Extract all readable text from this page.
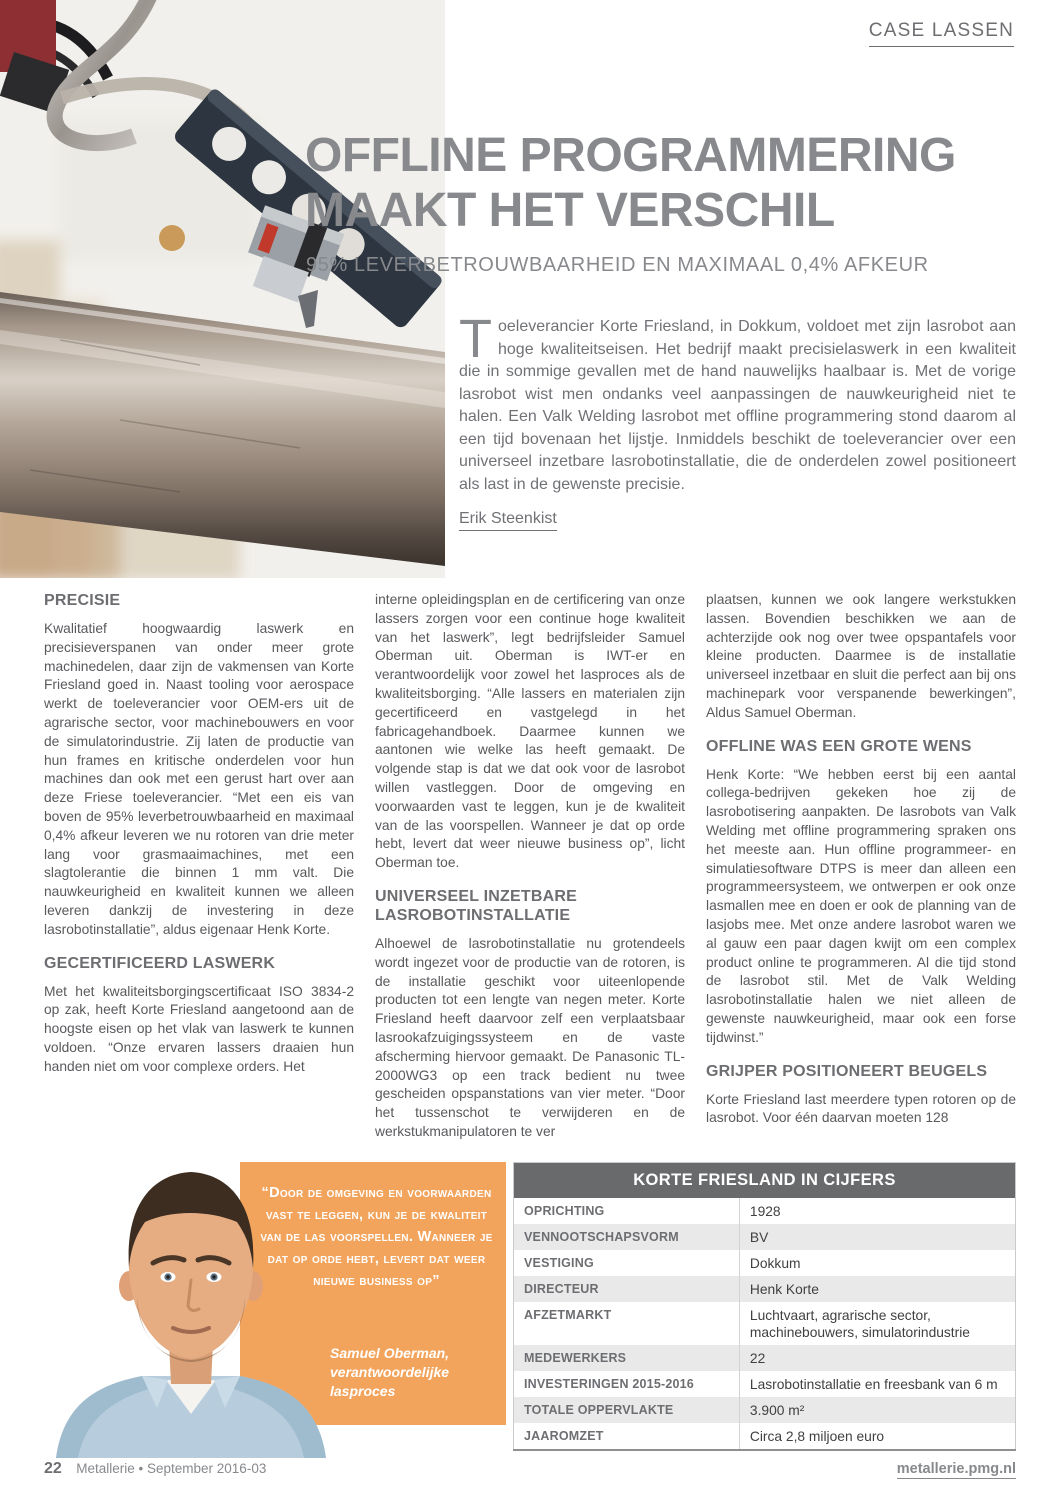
CASE LASSEN
OFFLINE PROGRAMMERING
MAAKT HET VERSCHIL
95% LEVERBETROUWBAARHEID EN MAXIMAAL 0,4% AFKEUR

Toeleverancier Korte Friesland, in Dokkum, voldoet met zijn lasrobot aan hoge kwaliteitseisen. Het bedrijf maakt precisielaswerk in een kwaliteit die in sommige gevallen met de hand nauwelijks haalbaar is. Met de vorige lasrobot wist men ondanks veel aanpassingen de nauwkeurigheid niet te halen. Een Valk Welding lasrobot met offline programmering stond daarom al een tijd bovenaan het lijstje. Inmiddels beschikt de toeleverancier over een universeel inzetbare lasrobotinstallatie, die de onderdelen zowel positioneert als last in de gewenste precisie.

Erik Steenkist
PRECISIE

Kwalitatief hoogwaardig laswerk en precisieverspanen van onder meer grote machinedelen, daar zijn de vakmensen van Korte Friesland goed in. Naast tooling voor aerospace werkt de toeleverancier voor OEM-ers uit de agrarische sector, voor machinebouwers en voor de simulatorindustrie. Zij laten de productie van hun frames en kritische onderdelen voor hun machines dan ook met een gerust hart over aan deze Friese toeleverancier. “Met een eis van boven de 95% leverbetrouwbaarheid en maximaal 0,4% afkeur leveren we nu rotoren van drie meter lang voor grasmaaimachines, met een slagtolerantie die binnen 1 mm valt. Die nauwkeurigheid en kwaliteit kunnen we alleen leveren dankzij de investering in deze lasrobotinstallatie”, aldus eigenaar Henk Korte.

GECERTIFICEERD LASWERK

Met het kwaliteitsborgingscertificaat ISO 3834-2 op zak, heeft Korte Friesland aangetoond aan de hoogste eisen op het vlak van laswerk te kunnen voldoen. “Onze ervaren lassers draaien hun handen niet om voor complexe orders. Het

interne opleidingsplan en de certificering van onze lassers zorgen voor een continue hoge kwaliteit van het laswerk”, legt bedrijfsleider Samuel Oberman uit. Oberman is IWT-er en verantwoordelijk voor zowel het lasproces als de kwaliteitsborging. “Alle lassers en materialen zijn gecertificeerd en vastgelegd in het fabricagehandboek. Daarmee kunnen we aantonen wie welke las heeft gemaakt. De volgende stap is dat we dat ook voor de lasrobot willen vastleggen. Door de omgeving en voorwaarden vast te leggen, kun je de kwaliteit van de las voorspellen. Wanneer je dat op orde hebt, levert dat weer nieuwe business op”, licht Oberman toe.

UNIVERSEEL INZETBARE LASROBOTINSTALLATIE

Alhoewel de lasrobotinstallatie nu grotendeels wordt ingezet voor de productie van de rotoren, is de installatie geschikt voor uiteenlopende producten tot een lengte van negen meter. Korte Friesland heeft daarvoor zelf een verplaatsbaar lasrookafzuigingssysteem en de vaste afscherming hiervoor gemaakt. De Panasonic TL-2000WG3 op een track bedient nu twee gescheiden opspanstations van vier meter. “Door het tussenschot te verwijderen en de werkstukmanipulatoren te ver

plaatsen, kunnen we ook langere werkstukken lassen. Bovendien beschikken we aan de achterzijde ook nog over twee opspantafels voor kleine producten. Daarmee is de installatie universeel inzetbaar en sluit die perfect aan bij ons machinepark voor verspanende bewerkingen”, Aldus Samuel Oberman.

OFFLINE WAS EEN GROTE WENS

Henk Korte: “We hebben eerst bij een aantal collega-bedrijven gekeken hoe zij de lasrobotisering aanpakten. De lasrobots van Valk Welding met offline programmering spraken ons het meeste aan. Hun offline programmeer- en simulatiesoftware DTPS is meer dan alleen een programmeersysteem, we ontwerpen er ook onze lasmallen mee en doen er ook de planning van de lasjobs mee. Met onze andere lasrobot waren we al gauw een paar dagen kwijt om een complex product online te programmeren. Al die tijd stond de lasrobot stil. Met de Valk Welding lasrobotinstallatie halen we niet alleen de gewenste nauwkeurigheid, maar ook een forse tijdwinst.”

GRIJPER POSITIONEERT BEUGELS

Korte Friesland last meerdere typen rotoren op de lasrobot. Voor één daarvan moeten 128

“Door de omgeving en voorwaarden vast te leggen, kun je de kwaliteit van de las voorspellen. Wanneer je dat op orde hebt, levert dat weer nieuwe business op”
Samuel Oberman,
verantwoordelijke lasproces
KORTE FRIESLAND IN CIJFERS	
OPRICHTING	1928
VENNOOTSCHAPSVORM	BV
VESTIGING	Dokkum
DIRECTEUR	Henk Korte
AFZETMARKT	Luchtvaart, agrarische sector, machinebouwers, simulatorindustrie
MEDEWERKERS	22
INVESTERINGEN 2015-2016	Lasrobotinstallatie en freesbank van 6 m
TOTALE OPPERVLAKTE	3.900 m²
JAAROMZET	Circa 2,8 miljoen euro
22 Metallerie • September 2016-03	metallerie.pmg.nl
